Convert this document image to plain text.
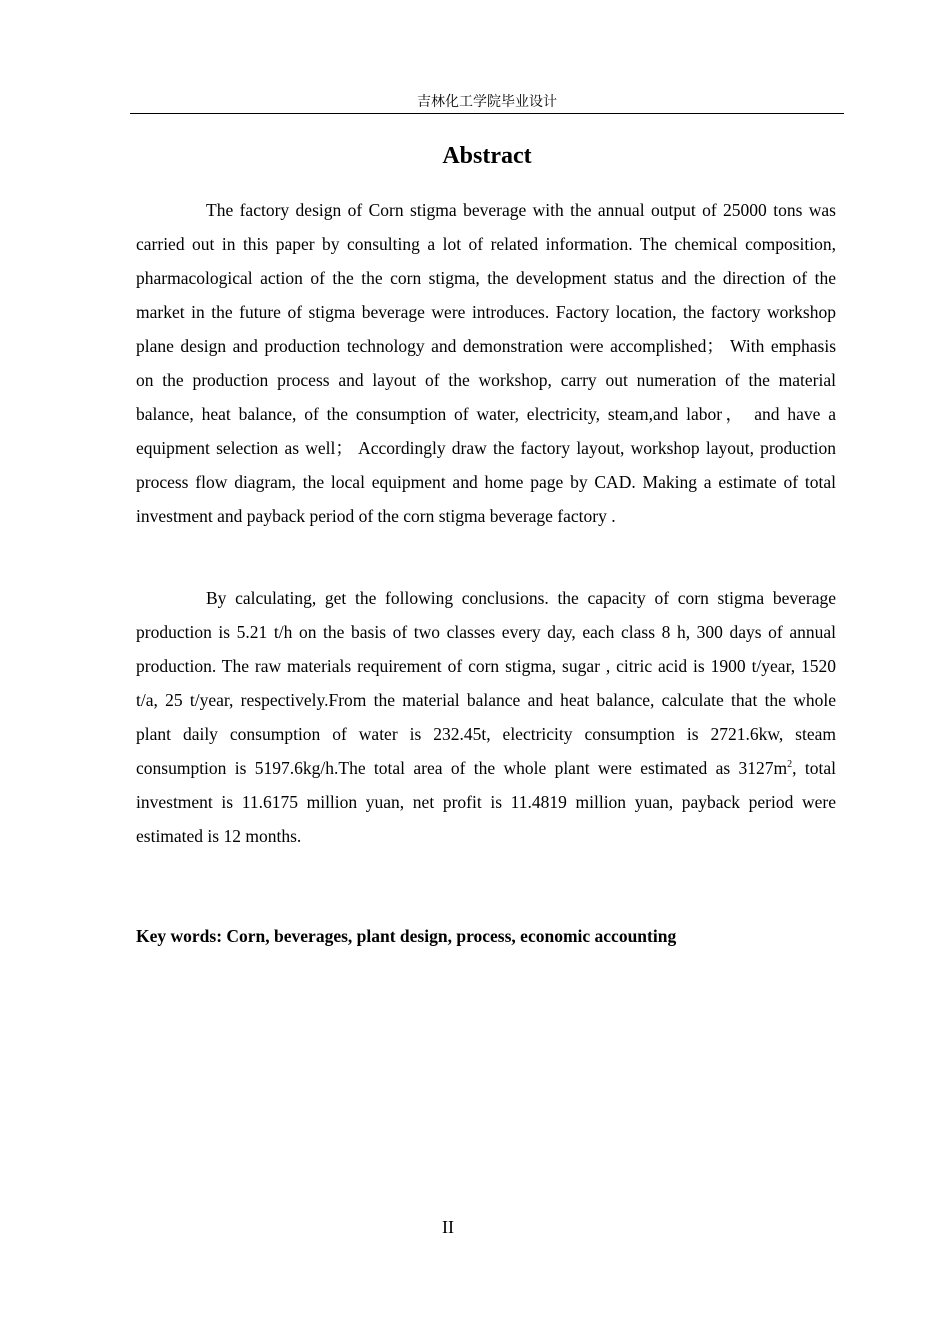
吉林化工学院毕业设计
Abstract

The factory design of Corn stigma beverage with the annual output of 25000 tons was carried out in this paper by consulting a lot of related information. The chemical composition, pharmacological action of the the corn stigma, the development status and the direction of the market in the future of stigma beverage were introduces. Factory location, the factory workshop plane design and production technology and demonstration were accomplished； With emphasis on the production process and layout of the workshop, carry out numeration of the material balance, heat balance, of the consumption of water, electricity, steam,and labor， and have a equipment selection as well； Accordingly draw the factory layout, workshop layout, production process flow diagram, the local equipment and home page by CAD. Making a estimate of total investment and payback period of the corn stigma beverage factory .

By calculating, get the following conclusions. the capacity of corn stigma beverage production is 5.21 t/h on the basis of two classes every day, each class 8 h, 300 days of annual production. The raw materials requirement of corn stigma, sugar , citric acid is 1900 t/year, 1520 t/a, 25 t/year, respectively.From the material balance and heat balance, calculate that the whole plant daily consumption of water is 232.45t, electricity consumption is 2721.6kw, steam consumption is 5197.6kg/h.The total area of the whole plant were estimated as $3127m^2$, total investment is 11.6175 million yuan, net profit is 11.4819 million yuan, payback period were estimated is 12 months.

Key words: Corn, beverages, plant design, process, economic accounting

II
